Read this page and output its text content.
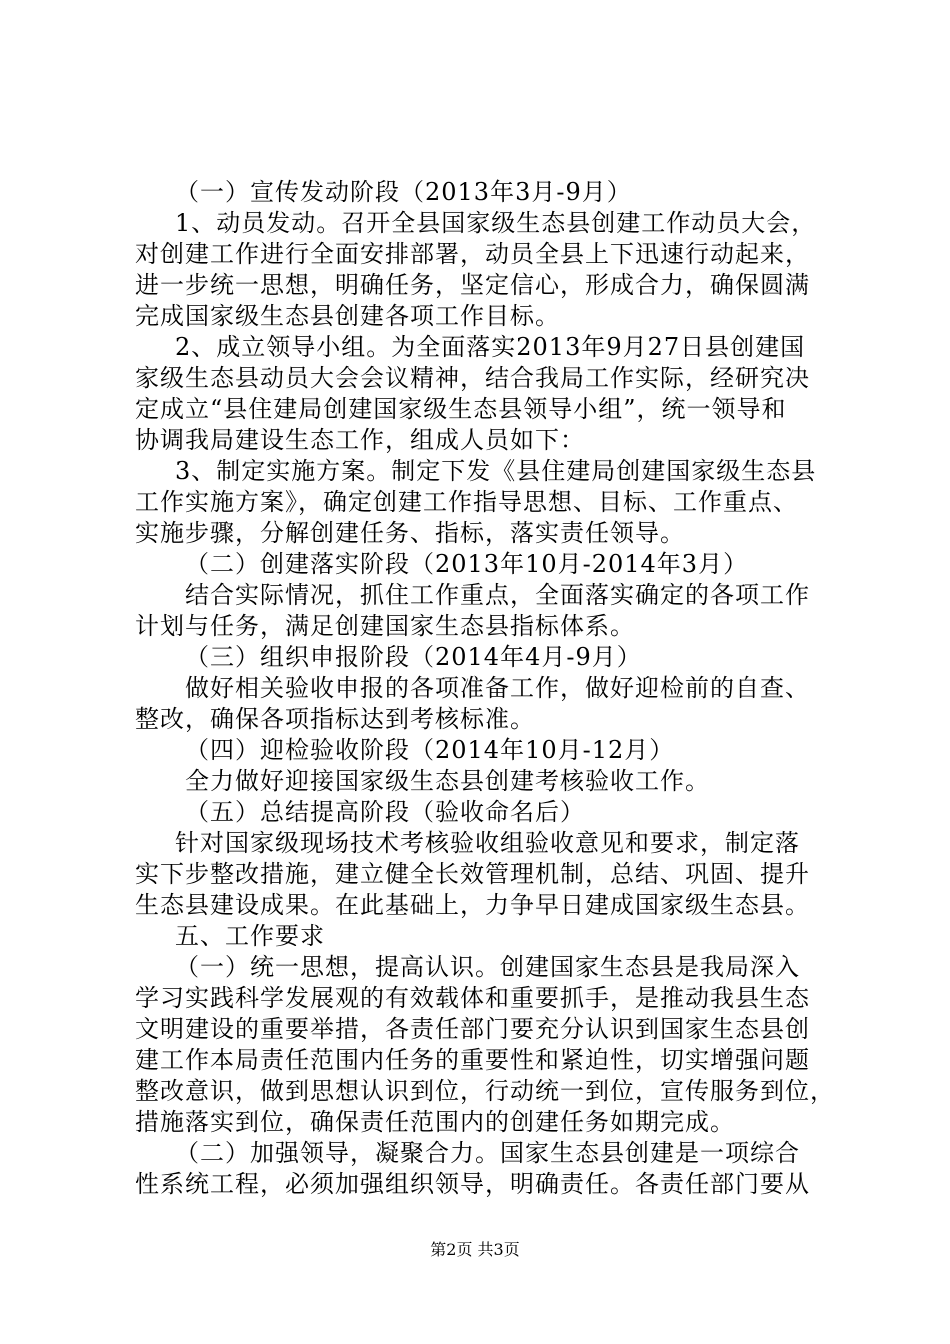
（一）宣传发动阶段（2013年3月-9月）
1、动员发动。召开全县国家级生态县创建工作动员大会，
对创建工作进行全面安排部署，动员全县上下迅速行动起来，
进一步统一思想，明确任务，坚定信心，形成合力，确保圆满
完成国家级生态县创建各项工作目标。
2、成立领导小组。为全面落实2013年9月27日县创建国
家级生态县动员大会会议精神，结合我局工作实际，经研究决
定成立“县住建局创建国家级生态县领导小组”，统一领导和
协调我局建设生态工作，组成人员如下：
3、制定实施方案。制定下发《县住建局创建国家级生态县
工作实施方案》，确定创建工作指导思想、目标、工作重点、
实施步骤，分解创建任务、指标，落实责任领导。
（二）创建落实阶段（2013年10月-2014年3月）
结合实际情况，抓住工作重点，全面落实确定的各项工作
计划与任务，满足创建国家生态县指标体系。
（三）组织申报阶段（2014年4月-9月）
做好相关验收申报的各项准备工作，做好迎检前的自查、
整改，确保各项指标达到考核标准。
（四）迎检验收阶段（2014年10月-12月）
全力做好迎接国家级生态县创建考核验收工作。
（五）总结提高阶段（验收命名后）
针对国家级现场技术考核验收组验收意见和要求，制定落
实下步整改措施，建立健全长效管理机制，总结、巩固、提升
生态县建设成果。在此基础上，力争早日建成国家级生态县。
五、工作要求
（一）统一思想，提高认识。创建国家生态县是我局深入
学习实践科学发展观的有效载体和重要抓手，是推动我县生态
文明建设的重要举措，各责任部门要充分认识到国家生态县创
建工作本局责任范围内任务的重要性和紧迫性，切实增强问题
整改意识，做到思想认识到位，行动统一到位，宣传服务到位，
措施落实到位，确保责任范围内的创建任务如期完成。
（二）加强领导，凝聚合力。国家生态县创建是一项综合
性系统工程，必须加强组织领导，明确责任。各责任部门要从
第2页 共3页
